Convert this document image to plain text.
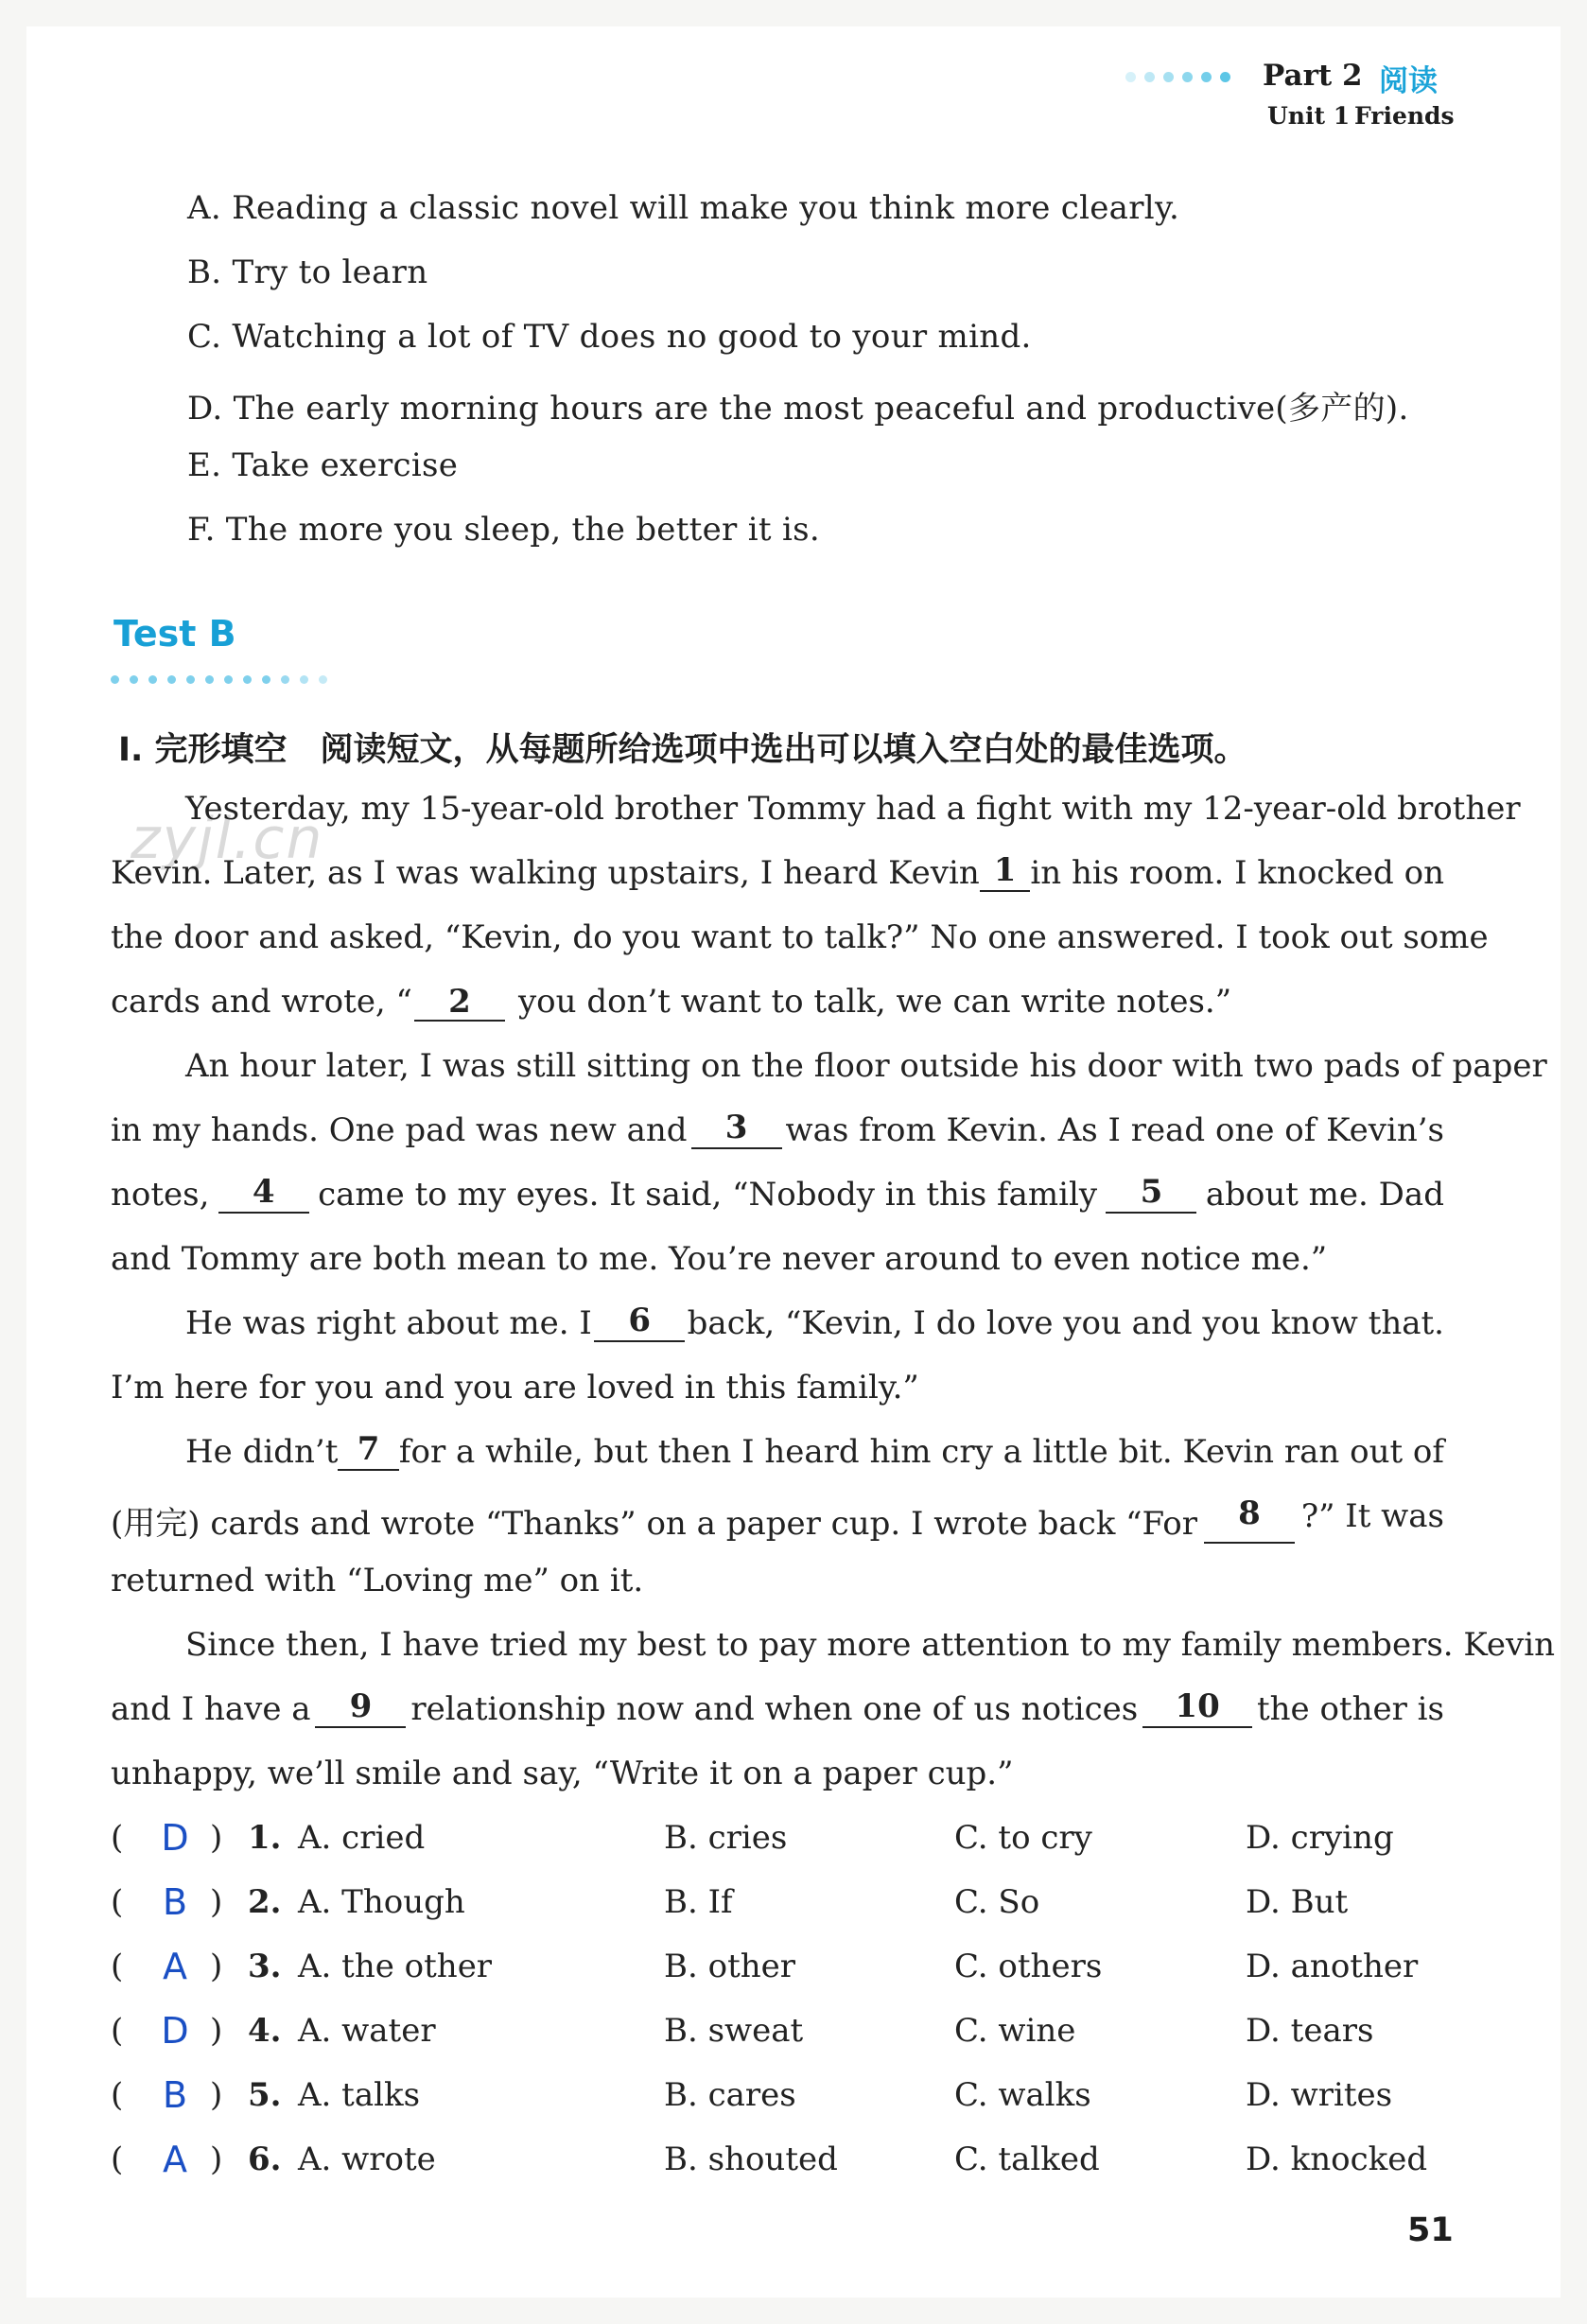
Part 2 阅读
Unit 1 Friends
A. Reading a classic novel will make you think more clearly.
B. Try to learn
C. Watching a lot of TV does no good to your mind.
D. The early morning hours are the most peaceful and productive(多产的).
E. Take exercise
F. The more you sleep, the better it is.
Test B
Ⅰ. 完形填空　阅读短文，从每题所给选项中选出可以填入空白处的最佳选项。
zyjl.cn
Yesterday, my 15-year-old brother Tommy had a fight with my 12-year-old brother
Kevin. Later, as I was walking upstairs, I heard Kevin 1 in his room. I knocked on
the door and asked, “Kevin, do you want to talk?” No one answered. I took out some
cards and wrote, “ 2 you don’t want to talk, we can write notes.”
An hour later, I was still sitting on the floor outside his door with two pads of paper
in my hands. One pad was new and	3	was from Kevin. As I read one of Kevin’s
notes,	4	came to my eyes. It said, “Nobody in this family	5	about me. Dad
and Tommy are both mean to me. You’re never around to even notice me.”
He was right about me. I	6	back, “Kevin, I do love you and you know that.
I’m here for you and you are loved in this family.”
He didn’t 7 for a while, but then I heard him cry a little bit. Kevin ran out of
(用完) cards and wrote “Thanks” on a paper cup. I wrote back “For	8	?” It was
returned with “Loving me” on it.
Since then, I have tried my best to pay more attention to my family members. Kevin
and I have a	9	relationship now and when one of us notices	10	the other is
unhappy, we’ll smile and say, “Write it on a paper cup.”
( D ) 1. A. cried	B. cries	C. to cry	D. crying
(	B ) 2. A. Though	B. If	C. So	D. But
(	A ) 3. A. the other	B. other	C. others	D. another
( D ) 4. A. water	B. sweat	C. wine	D. tears
(	B ) 5. A. talks	B. cares	C. walks	D. writes
(	A ) 6. A. wrote	B. shouted	C. talked	D. knocked
51
